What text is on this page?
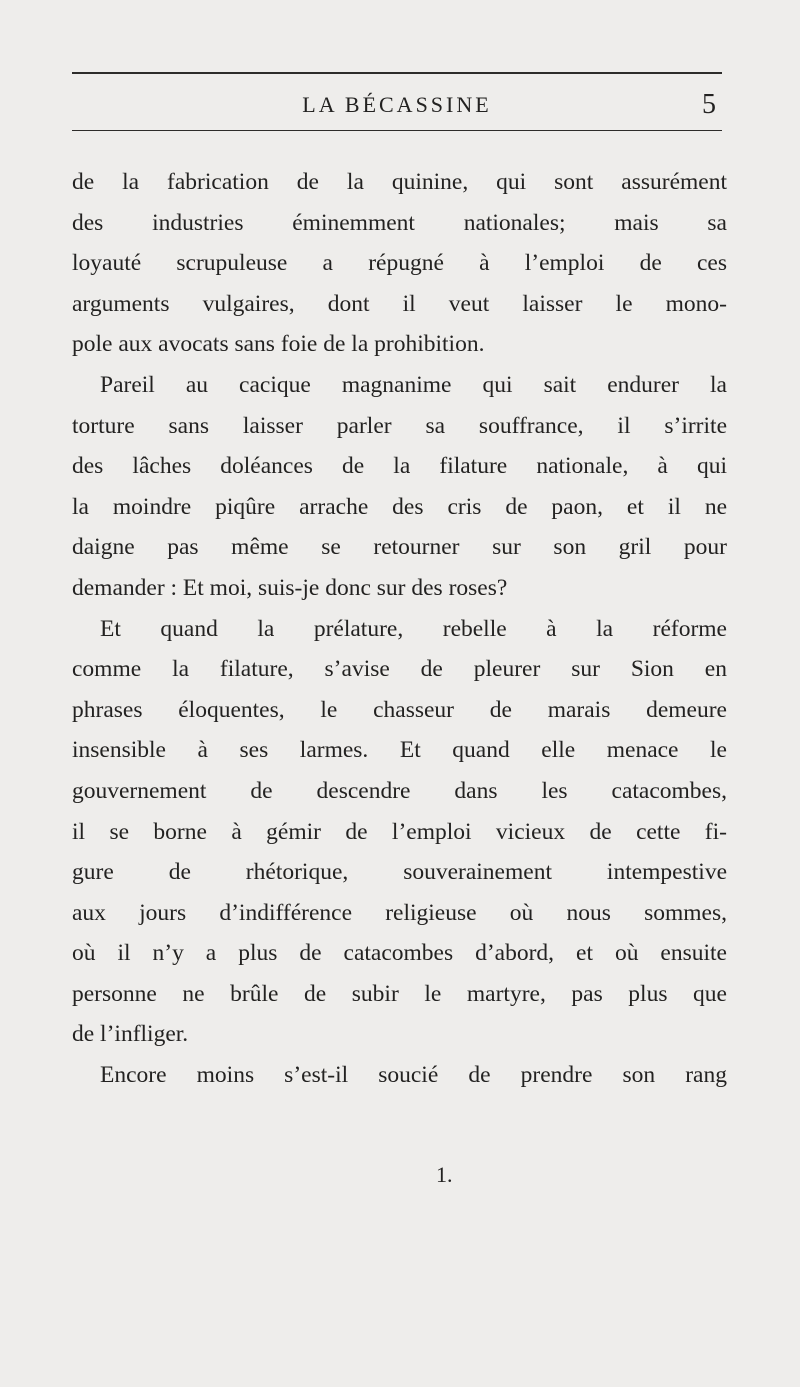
LA BÉCASSINE	5
de la fabrication de la quinine, qui sont assurément
des industries éminemment nationales; mais sa
loyauté scrupuleuse a répugné à l’emploi de ces
arguments vulgaires, dont il veut laisser le mono-
pole aux avocats sans foie de la prohibition.
Pareil au cacique magnanime qui sait endurer la
torture sans laisser parler sa souffrance, il s’irrite
des lâches doléances de la filature nationale, à qui
la moindre piqûre arrache des cris de paon, et il ne
daigne pas même se retourner sur son gril pour
demander : Et moi, suis-je donc sur des roses?
Et quand la prélature, rebelle à la réforme
comme la filature, s’avise de pleurer sur Sion en
phrases éloquentes, le chasseur de marais demeure
insensible à ses larmes. Et quand elle menace le
gouvernement de descendre dans les catacombes,
il se borne à gémir de l’emploi vicieux de cette fi-
gure de rhétorique, souverainement intempestive
aux jours d’indifférence religieuse où nous sommes,
où il n’y a plus de catacombes d’abord, et où ensuite
personne ne brûle de subir le martyre, pas plus que
de l’infliger.
Encore moins s’est-il soucié de prendre son rang
1.
